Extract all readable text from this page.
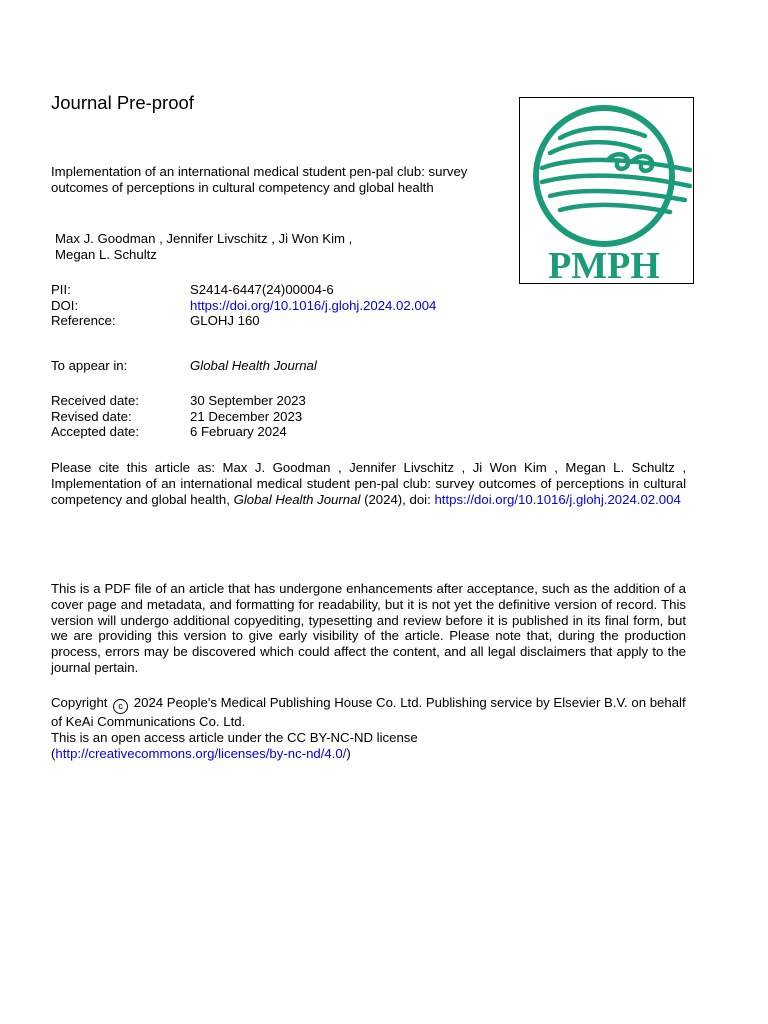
Journal Pre-proof
PMPH
Implementation of an international medical student pen-pal club: survey outcomes of perceptions in cultural competency and global health
Max J. Goodman , Jennifer Livschitz , Ji Won Kim ,
Megan L. Schultz
PII:	S2414-6447(24)00004-6
DOI:	https://doi.org/10.1016/j.glohj.2024.02.004
Reference:	GLOHJ 160
To appear in:	Global Health Journal
Received date:	30 September 2023
Revised date:	21 December 2023
Accepted date:	6 February 2024
Please cite this article as: Max J. Goodman , Jennifer Livschitz , Ji Won Kim , Megan L. Schultz , Implementation of an international medical student pen-pal club: survey outcomes of perceptions in cultural competency and global health, Global Health Journal (2024), doi: https://doi.org/10.1016/j.glohj.2024.02.004
This is a PDF file of an article that has undergone enhancements after acceptance, such as the addition of a cover page and metadata, and formatting for readability, but it is not yet the definitive version of record. This version will undergo additional copyediting, typesetting and review before it is published in its final form, but we are providing this version to give early visibility of the article. Please note that, during the production process, errors may be discovered which could affect the content, and all legal disclaimers that apply to the journal pertain.
Copyright c 2024 People's Medical Publishing House Co. Ltd. Publishing service by Elsevier B.V. on behalf of KeAi Communications Co. Ltd.
This is an open access article under the CC BY-NC-ND license
(http://creativecommons.org/licenses/by-nc-nd/4.0/)
